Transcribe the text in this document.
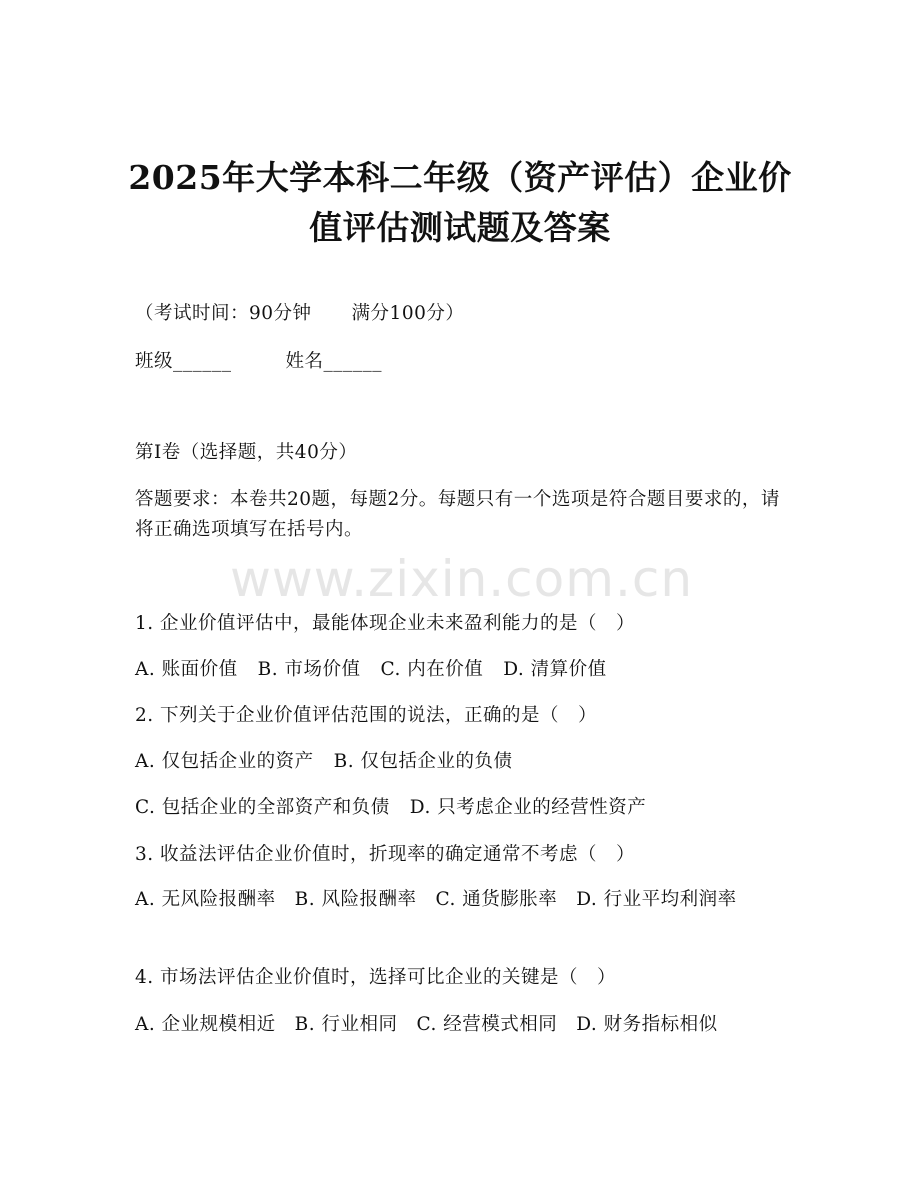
2025年大学本科二年级（资产评估）企业价
值评估测试题及答案
（考试时间：90分钟 满分100分）
班级______	姓名______
第I卷（选择题，共40分）
答题要求：本卷共20题，每题2分。每题只有一个选项是符合题目要求的，请将正确选项填写在括号内。
www.zixin.com.cn
1. 企业价值评估中，最能体现企业未来盈利能力的是（　）
A. 账面价值 B. 市场价值 C. 内在价值 D. 清算价值
2. 下列关于企业价值评估范围的说法，正确的是（　）
A. 仅包括企业的资产 B. 仅包括企业的负债
C. 包括企业的全部资产和负债 D. 只考虑企业的经营性资产
3. 收益法评估企业价值时，折现率的确定通常不考虑（　）
A. 无风险报酬率　B. 风险报酬率　C. 通货膨胀率　D. 行业平均利润率
4. 市场法评估企业价值时，选择可比企业的关键是（　）
A. 企业规模相近　B. 行业相同　C. 经营模式相同　D. 财务指标相似
